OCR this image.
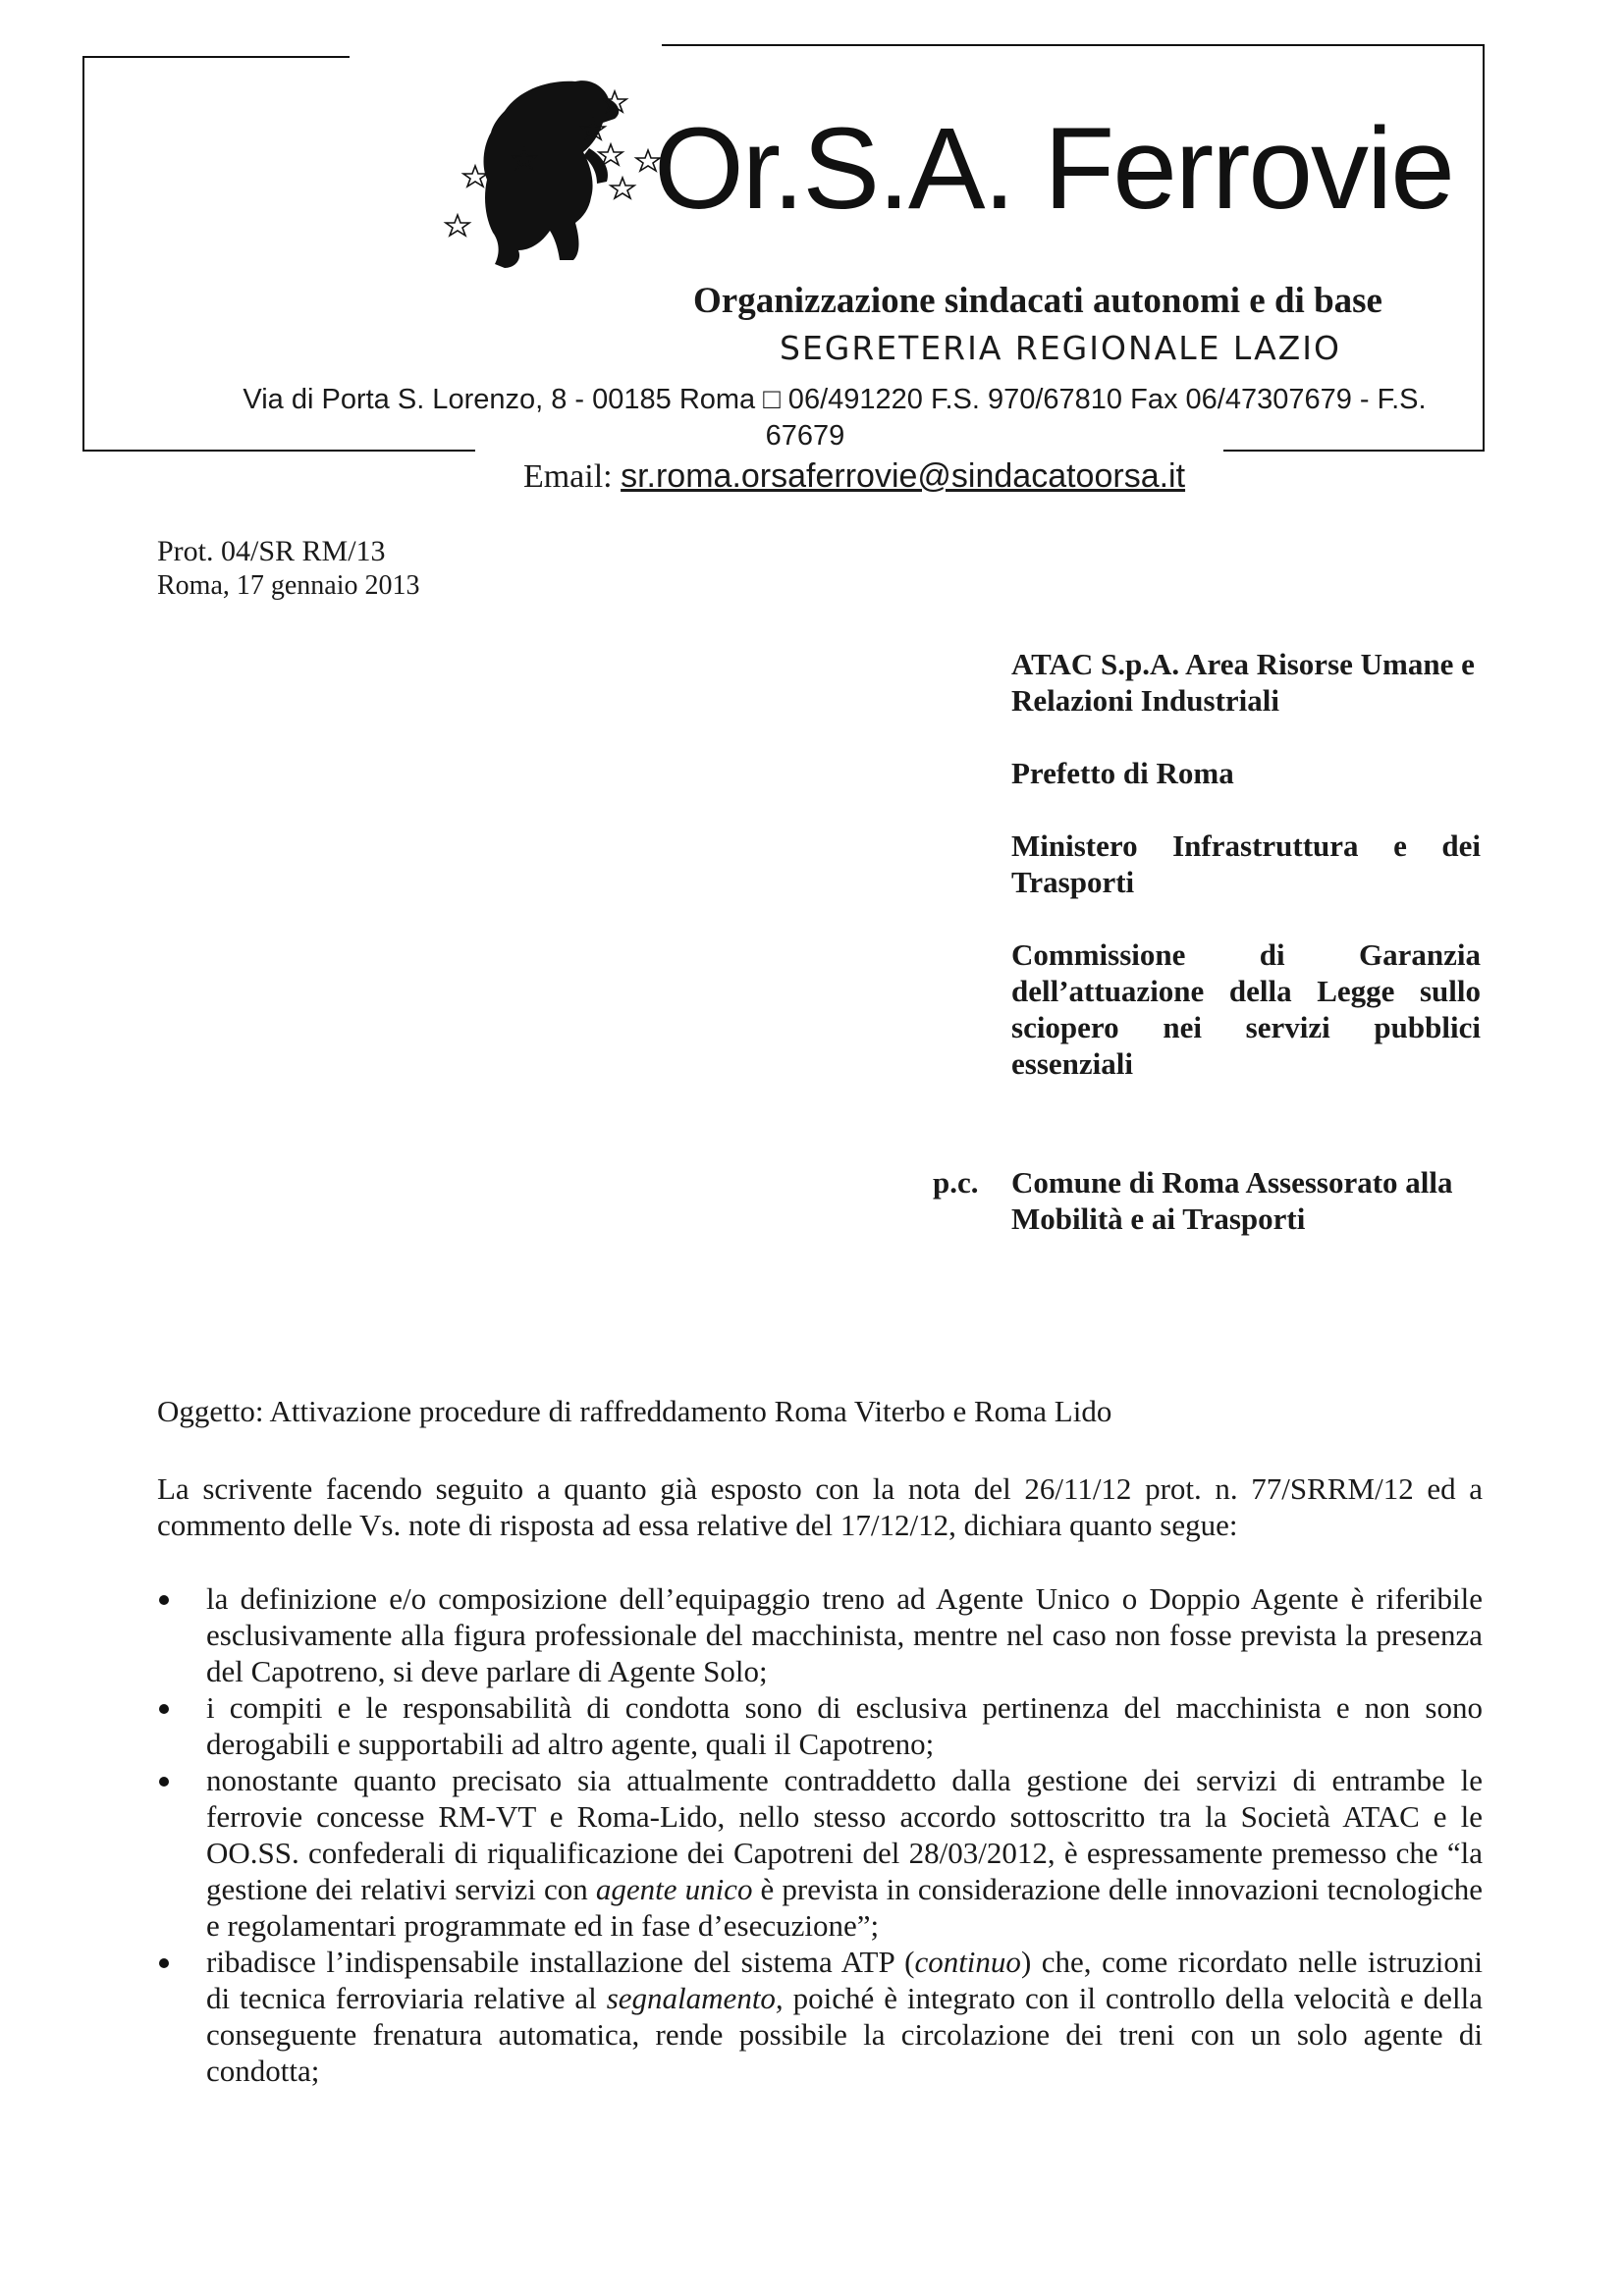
Or.S.A. Ferrovie
Organizzazione sindacati autonomi e di base
SEGRETERIA REGIONALE LAZIO
Via di Porta S. Lorenzo, 8 - 00185 Roma □ 06/491220 F.S. 970/67810 Fax 06/47307679 - F.S.
67679
Email: sr.roma.orsaferrovie@sindacatoorsa.it
Prot. 04/SR RM/13
Roma, 17 gennaio 2013
ATAC S.p.A. Area Risorse Umane e Relazioni Industriali
Prefetto di Roma
Ministero Infrastruttura e dei Trasporti
Commissione di Garanzia dell’attuazione della Legge sullo sciopero nei servizi pubblici essenziali
p.c. Comune di Roma Assessorato alla Mobilità e ai Trasporti
Oggetto: Attivazione procedure di raffreddamento Roma Viterbo e Roma Lido
La scrivente facendo seguito a quanto già esposto con la nota del 26/11/12 prot. n. 77/SRRM/12 ed a commento delle Vs. note di risposta ad essa relative del 17/12/12, dichiara quanto segue:
la definizione e/o composizione dell’equipaggio treno ad Agente Unico o Doppio Agente è riferibile esclusivamente alla figura professionale del macchinista, mentre nel caso non fosse prevista la presenza del Capotreno, si deve parlare di Agente Solo;
i compiti e le responsabilità di condotta sono di esclusiva pertinenza del macchinista e non sono derogabili e supportabili ad altro agente, quali il Capotreno;
nonostante quanto precisato sia attualmente contraddetto dalla gestione dei servizi di entrambe le ferrovie concesse RM-VT e Roma-Lido, nello stesso accordo sottoscritto tra la Società ATAC e le OO.SS. confederali di riqualificazione dei Capotreni del 28/03/2012, è espressamente premesso che “la gestione dei relativi servizi con agente unico è prevista in considerazione delle innovazioni tecnologiche e regolamentari programmate ed in fase d’esecuzione”;
ribadisce l’indispensabile installazione del sistema ATP (continuo) che, come ricordato nelle istruzioni di tecnica ferroviaria relative al segnalamento, poiché è integrato con il controllo della velocità e della conseguente frenatura automatica, rende possibile la circolazione dei treni con un solo agente di condotta;
